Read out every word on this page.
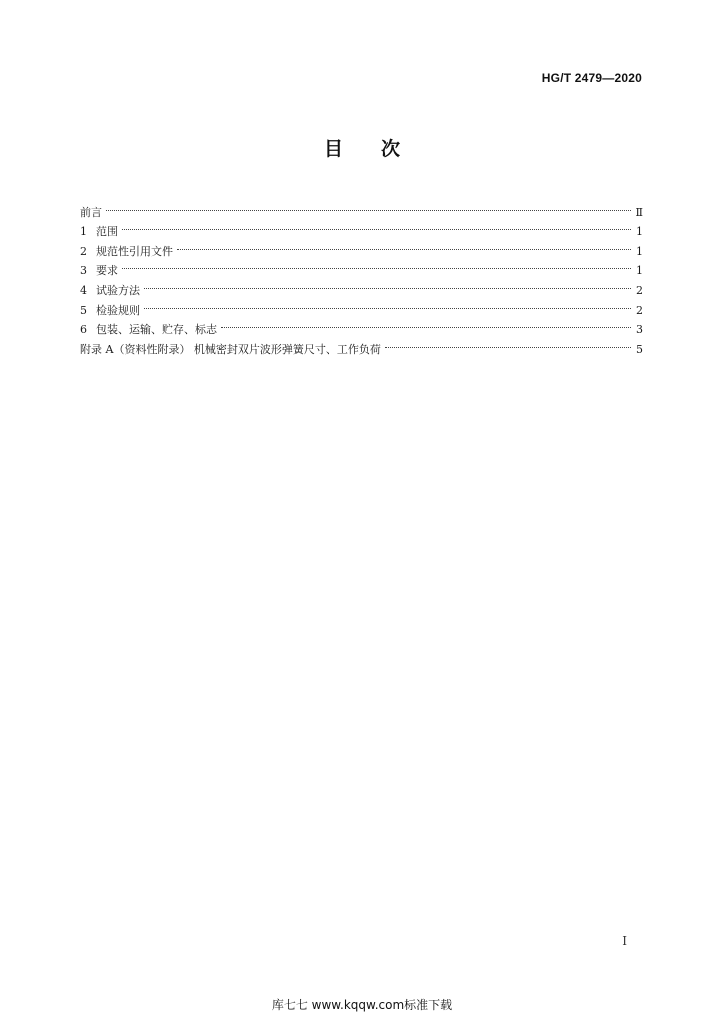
HG/T 2479—2020
目 次
前言	Ⅱ
1 范围	1
2 规范性引用文件	1
3 要求	1
4 试验方法	2
5 检验规则	2
6 包装、运输、贮存、标志	3
附录 A（资料性附录） 机械密封双片波形弹簧尺寸、工作负荷	5
I
库七七 www.kqqw.com标准下载
